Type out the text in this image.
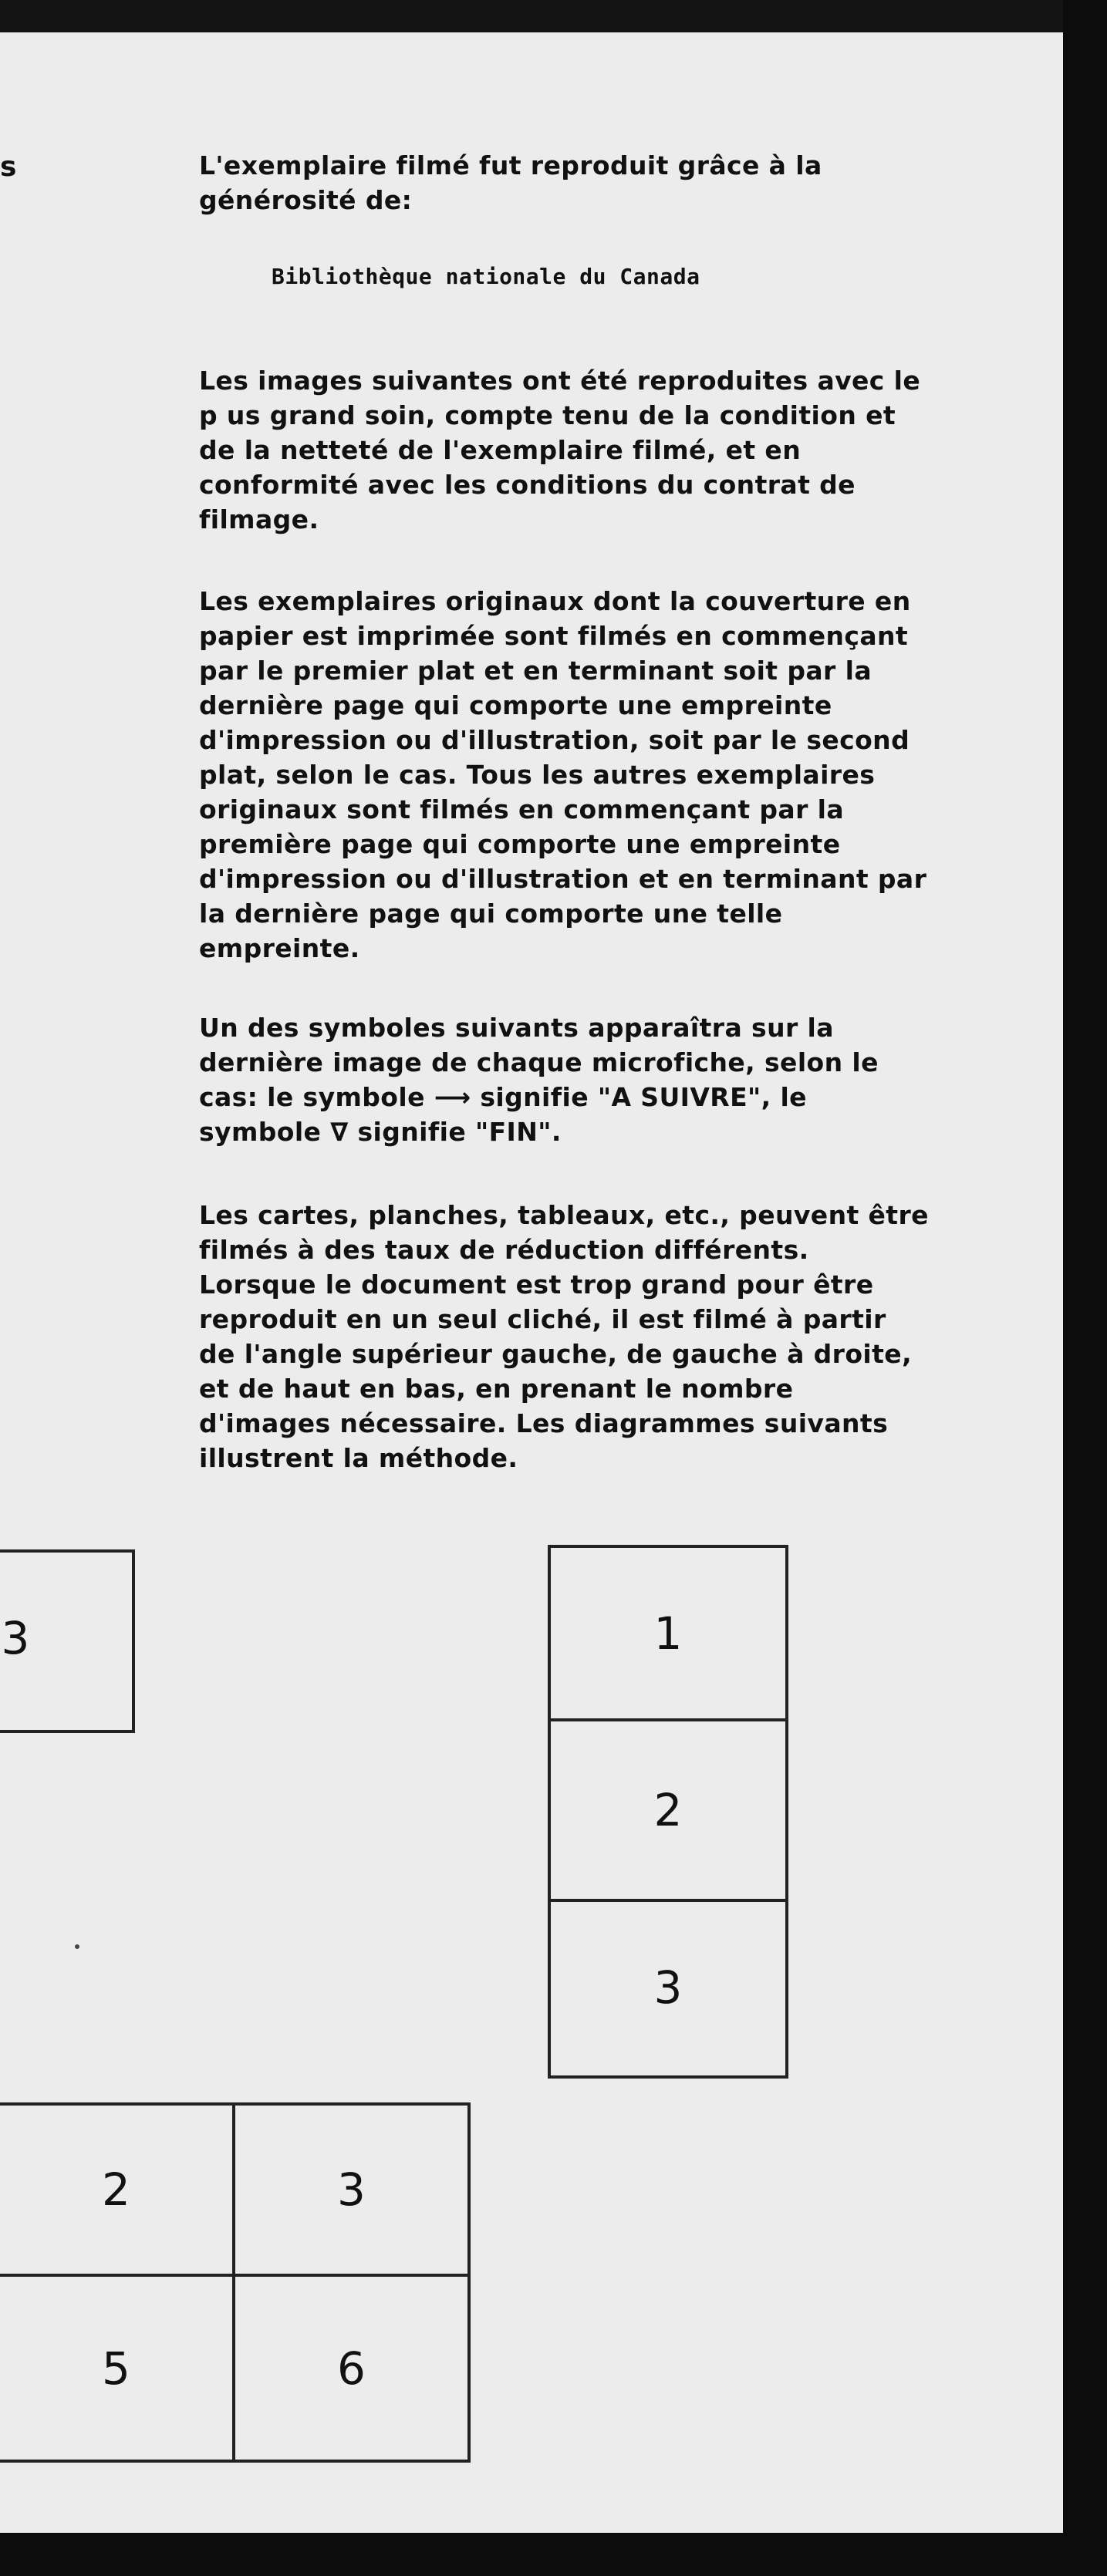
s	L'exemplaire filmé fut reproduit grâce à la
générosité de:
Bibliothèque nationale du Canada
Les images suivantes ont été reproduites avec le
p us grand soin, compte tenu de la condition et
de la netteté de l'exemplaire filmé, et en
conformité avec les conditions du contrat de
filmage.
Les exemplaires originaux dont la couverture en
papier est imprimée sont filmés en commençant
par le premier plat et en terminant soit par la
dernière page qui comporte une empreinte
d'impression ou d'illustration, soit par le second
plat, selon le cas. Tous les autres exemplaires
originaux sont filmés en commençant par la
première page qui comporte une empreinte
d'impression ou d'illustration et en terminant par
la dernière page qui comporte une telle
empreinte.
Un des symboles suivants apparaîtra sur la
dernière image de chaque microfiche, selon le
cas: le symbole ⟶ signifie "A SUIVRE", le
symbole ∇ signifie "FIN".
Les cartes, planches, tableaux, etc., peuvent être
filmés à des taux de réduction différents.
Lorsque le document est trop grand pour être
reproduit en un seul cliché, il est filmé à partir
de l'angle supérieur gauche, de gauche à droite,
et de haut en bas, en prenant le nombre
d'images nécessaire. Les diagrammes suivants
illustrent la méthode.
3	1
2
3
2	3
5	6
